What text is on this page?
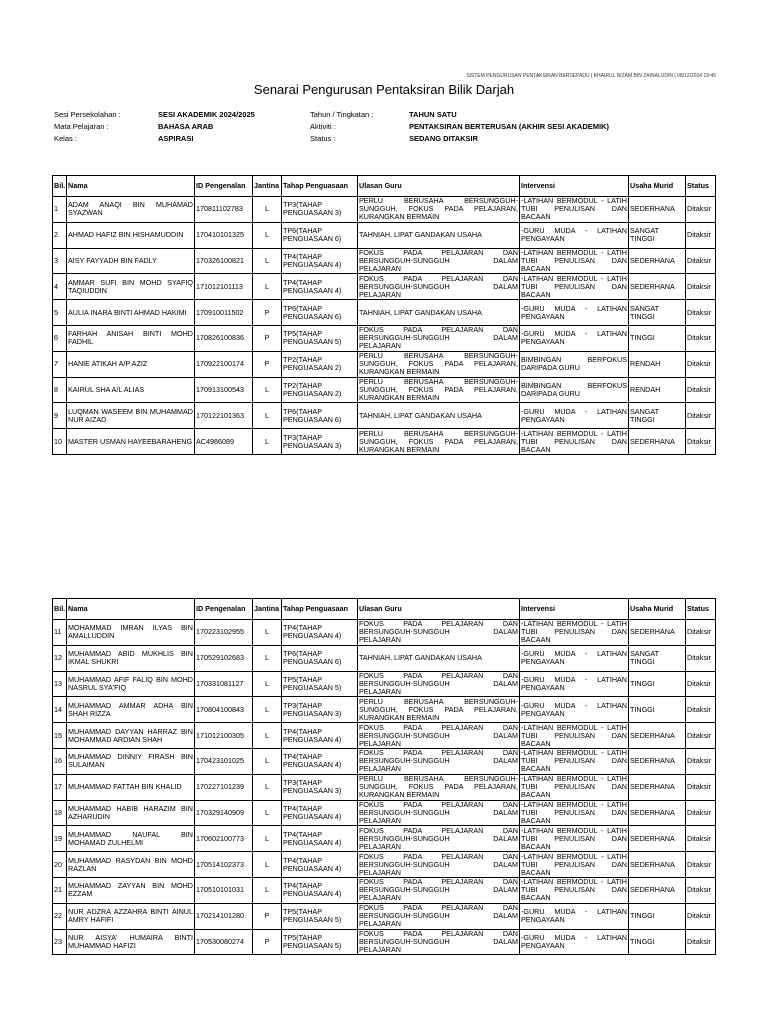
SISTEM PENGURUSAN PENTAKSIRAN BERSEPADU | KHAIRUL NIZAM BIN ZAINALUDIN | 08/12/2024 19:45
Senarai Pengurusan Pentaksiran Bilik Darjah
Sesi Persekolahan :	SESI AKADEMIK 2024/2025
Mata Pelajaran :	BAHASA ARAB
Kelas :	ASPIRASI
Tahun / Tingkatan :	TAHUN SATU
Aktiviti :	PENTAKSIRAN BERTERUSAN (AKHIR SESI AKADEMIK)
Status :	SEDANG DITAKSIR
Bil.	Nama	ID Pengenalan	Jantina	Tahap Penguasaan	Ulasan Guru	Intervensi	Usaha Murid	Status
1	ADAM ANAQI BIN MUHAMAD SYAZWAN	170811102783	L	TP3(TAHAP PENGUASAAN 3)	PERLU BERUSAHA BERSUNGGUH-SUNGGUH, FOKUS PADA PELAJARAN, KURANGKAN BERMAIN	-LATIHAN BERMODUL - LATIH TUBI PENULISAN DAN BACAAN	SEDERHANA	Ditaksir
2	AHMAD HAFIZ BIN HISHAMUDDIN	170410101325	L	TP6(TAHAP PENGUASAAN 6)	TAHNIAH, LIPAT GANDAKAN USAHA	-GURU MUDA - LATIHAN PENGAYAAN	SANGAT TINGGI	Ditaksir
3	AISY FAYYADH BIN FADLY	170326100821	L	TP4(TAHAP PENGUASAAN 4)	FOKUS PADA PELAJARAN DAN BERSUNGGUH-SUNGGUH DALAM PELAJARAN	-LATIHAN BERMODUL - LATIH TUBI PENULISAN DAN BACAAN	SEDERHANA	Ditaksir
4	AMMAR SUFI BIN MOHD SYAFIQ TAQIUDDIN	171012101113	L	TP4(TAHAP PENGUASAAN 4)	FOKUS PADA PELAJARAN DAN BERSUNGGUH-SUNGGUH DALAM PELAJARAN	-LATIHAN BERMODUL - LATIH TUBI PENULISAN DAN BACAAN	SEDERHANA	Ditaksir
5	AULIA INARA BINTI AHMAD HAKIMI	170910011502	P	TP6(TAHAP PENGUASAAN 6)	TAHNIAH, LIPAT GANDAKAN USAHA	-GURU MUDA - LATIHAN PENGAYAAN	SANGAT TINGGI	Ditaksir
6	FARHAH ANISAH BINTI MOHD FADHIL	170826100836	P	TP5(TAHAP PENGUASAAN 5)	FOKUS PADA PELAJARAN DAN BERSUNGGUH-SUNGGUH DALAM PELAJARAN	-GURU MUDA - LATIHAN PENGAYAAN	TINGGI	Ditaksir
7	HANIE ATIKAH A/P AZIZ	170922100174	P	TP2(TAHAP PENGUASAAN 2)	PERLU BERUSAHA BERSUNGGUH-SUNGGUH, FOKUS PADA PELAJARAN, KURANGKAN BERMAIN	BIMBINGAN BERFOKUS DARIPADA GURU	RENDAH	Ditaksir
8	KAIRUL SHA A/L ALIAS	170913100543	L	TP2(TAHAP PENGUASAAN 2)	PERLU BERUSAHA BERSUNGGUH-SUNGGUH, FOKUS PADA PELAJARAN, KURANGKAN BERMAIN	BIMBINGAN BERFOKUS DARIPADA GURU	RENDAH	Ditaksir
9	LUQMAN WASEEM BIN MUHAMMAD NUR AIZAD	170122101363	L	TP6(TAHAP PENGUASAAN 6)	TAHNIAH, LIPAT GANDAKAN USAHA	-GURU MUDA - LATIHAN PENGAYAAN	SANGAT TINGGI	Ditaksir
10	MASTER USMAN HAYEEBARAHENG	AC4986089	L	TP3(TAHAP PENGUASAAN 3)	PERLU BERUSAHA BERSUNGGUH-SUNGGUH, FOKUS PADA PELAJARAN, KURANGKAN BERMAIN	-LATIHAN BERMODUL - LATIH TUBI PENULISAN DAN BACAAN	SEDERHANA	Ditaksir
Bil.	Nama	ID Pengenalan	Jantina	Tahap Penguasaan	Ulasan Guru	Intervensi	Usaha Murid	Status
11	MOHAMMAD IMRAN ILYAS BIN AMALLUDDIN	170223102955	L	TP4(TAHAP PENGUASAAN 4)	FOKUS PADA PELAJARAN DAN BERSUNGGUH-SUNGGUH DALAM PELAJARAN	-LATIHAN BERMODUL - LATIH TUBI PENULISAN DAN BACAAN	SEDERHANA	Ditaksir
12	MUHAMMAD ABID MUKHLIS BIN IKMAL SHUKRI	170529102683	L	TP6(TAHAP PENGUASAAN 6)	TAHNIAH, LIPAT GANDAKAN USAHA	-GURU MUDA - LATIHAN PENGAYAAN	SANGAT TINGGI	Ditaksir
13	MUHAMMAD AFIF FALIQ BIN MOHD NASRUL SYA'FIQ	170331081127	L	TP5(TAHAP PENGUASAAN 5)	FOKUS PADA PELAJARAN DAN BERSUNGGUH-SUNGGUH DALAM PELAJARAN	-GURU MUDA - LATIHAN PENGAYAAN	TINGGI	Ditaksir
14	MUHAMMAD AMMAR ADHA BIN SHAH RIZZA	170804100843	L	TP3(TAHAP PENGUASAAN 3)	PERLU BERUSAHA BERSUNGGUH-SUNGGUH, FOKUS PADA PELAJARAN, KURANGKAN BERMAIN	-GURU MUDA - LATIHAN PENGAYAAN	TINGGI	Ditaksir
15	MUHAMMAD DAYYAN HARRAZ BIN MOHAMMAD ARDIAN SHAH	171012100305	L	TP4(TAHAP PENGUASAAN 4)	FOKUS PADA PELAJARAN DAN BERSUNGGUH-SUNGGUH DALAM PELAJARAN	-LATIHAN BERMODUL - LATIH TUBI PENULISAN DAN BACAAN	SEDERHANA	Ditaksir
16	MUHAMMAD DINNIY FIRASH BIN SULAIMAN	170423101025	L	TP4(TAHAP PENGUASAAN 4)	FOKUS PADA PELAJARAN DAN BERSUNGGUH-SUNGGUH DALAM PELAJARAN	-LATIHAN BERMODUL - LATIH TUBI PENULISAN DAN BACAAN	SEDERHANA	Ditaksir
17	MUHAMMAD FATTAH BIN KHALID	170227101239	L	TP3(TAHAP PENGUASAAN 3)	PERLU BERUSAHA BERSUNGGUH-SUNGGUH, FOKUS PADA PELAJARAN, KURANGKAN BERMAIN	-LATIHAN BERMODUL - LATIH TUBI PENULISAN DAN BACAAN	SEDERHANA	Ditaksir
18	MUHAMMAD HABIB HARAZIM BIN AZHARUDIN	170329140909	L	TP4(TAHAP PENGUASAAN 4)	FOKUS PADA PELAJARAN DAN BERSUNGGUH-SUNGGUH DALAM PELAJARAN	-LATIHAN BERMODUL - LATIH TUBI PENULISAN DAN BACAAN	SEDERHANA	Ditaksir
19	MUHAMMAD NAUFAL BIN MOHAMAD ZULHELMI	170602100773	L	TP4(TAHAP PENGUASAAN 4)	FOKUS PADA PELAJARAN DAN BERSUNGGUH-SUNGGUH DALAM PELAJARAN	-LATIHAN BERMODUL - LATIH TUBI PENULISAN DAN BACAAN	SEDERHANA	Ditaksir
20	MUHAMMAD RASYDAN BIN MOHD RAZLAN	170514102373	L	TP4(TAHAP PENGUASAAN 4)	FOKUS PADA PELAJARAN DAN BERSUNGGUH-SUNGGUH DALAM PELAJARAN	-LATIHAN BERMODUL - LATIH TUBI PENULISAN DAN BACAAN	SEDERHANA	Ditaksir
21	MUHAMMAD ZAYYAN BIN MOHD EZZAM	170510101031	L	TP4(TAHAP PENGUASAAN 4)	FOKUS PADA PELAJARAN DAN BERSUNGGUH-SUNGGUH DALAM PELAJARAN	-LATIHAN BERMODUL - LATIH TUBI PENULISAN DAN BACAAN	SEDERHANA	Ditaksir
22	NUR ADZRA AZZAHRA BINTI AINUL AMRY HAFIFI	170214101280	P	TP5(TAHAP PENGUASAAN 5)	FOKUS PADA PELAJARAN DAN BERSUNGGUH-SUNGGUH DALAM PELAJARAN	-GURU MUDA - LATIHAN PENGAYAAN	TINGGI	Ditaksir
23	NUR AISYA' HUMAIRA BINTI MUHAMMAD HAFIZI	170530080274	P	TP5(TAHAP PENGUASAAN 5)	FOKUS PADA PELAJARAN DAN BERSUNGGUH-SUNGGUH DALAM PELAJARAN	-GURU MUDA - LATIHAN PENGAYAAN	TINGGI	Ditaksir
